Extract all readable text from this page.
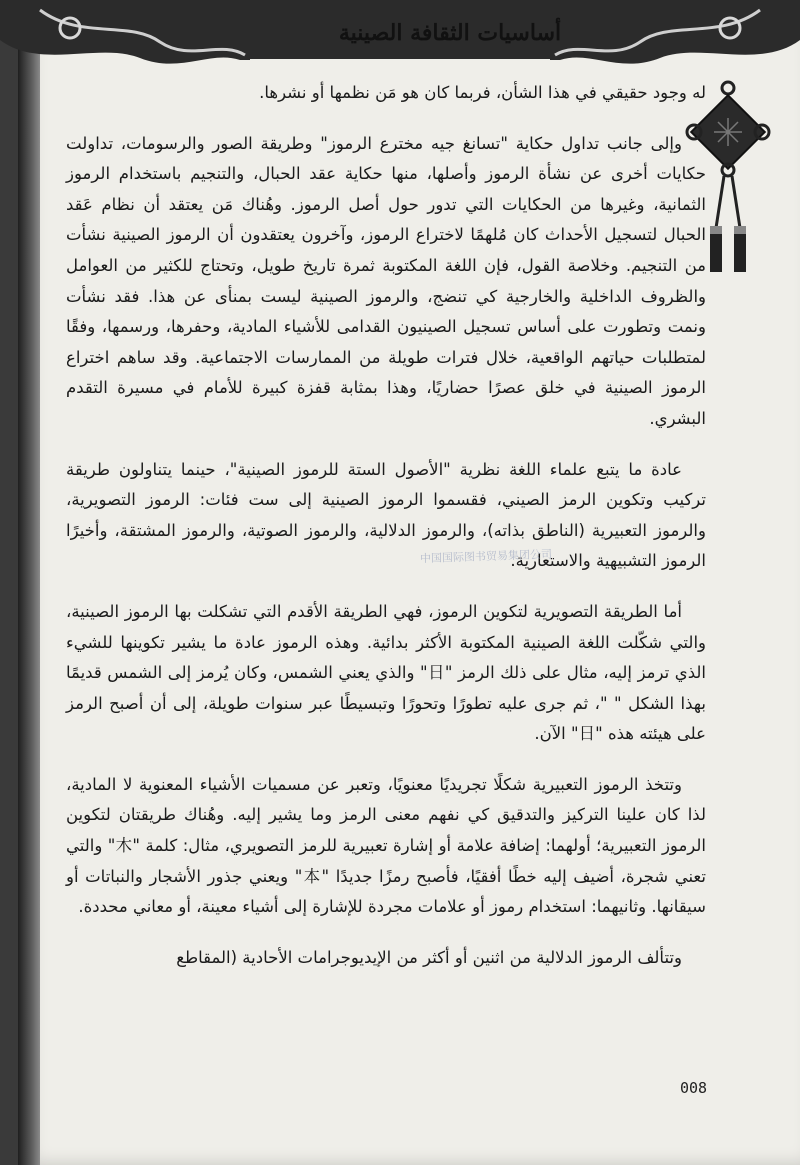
أساسيات الثقافة الصينية

له وجود حقيقي في هذا الشأن، فربما كان هو مَن نظمها أو نشرها.

وإلى جانب تداول حكاية "تسانغ جيه مخترع الرموز" وطريقة الصور والرسومات، تداولت حكايات أخرى عن نشأة الرموز وأصلها، منها حكاية عقد الحبال، والتنجيم باستخدام الرموز الثمانية، وغيرها من الحكايات التي تدور حول أصل الرموز. وهُناك مَن يعتقد أن نظام عَقد الحبال لتسجيل الأحداث كان مُلهمًا لاختراع الرموز، وآخرون يعتقدون أن الرموز الصينية نشأت من التنجيم. وخلاصة القول، فإن اللغة المكتوبة ثمرة تاريخ طويل، وتحتاج للكثير من العوامل والظروف الداخلية والخارجية كي تنضج، والرموز الصينية ليست بمنأى عن هذا. فقد نشأت ونمت وتطورت على أساس تسجيل الصينيون القدامى للأشياء المادية، وحفرها، ورسمها، وفقًا لمتطلبات حياتهم الواقعية، خلال فترات طويلة من الممارسات الاجتماعية. وقد ساهم اختراع الرموز الصينية في خلق عصرًا حضاريًا، وهذا بمثابة قفزة كبيرة للأمام في مسيرة التقدم البشري.

عادة ما يتبع علماء اللغة نظرية "الأصول الستة للرموز الصينية"، حينما يتناولون طريقة تركيب وتكوين الرمز الصيني، فقسموا الرموز الصينية إلى ست فئات: الرموز التصويرية، والرموز التعبيرية (الناطق بذاته)، والرموز الدلالية، والرموز الصوتية، والرموز المشتقة، وأخيرًا الرموز التشبيهية والاستعارية.

أما الطريقة التصويرية لتكوين الرموز، فهي الطريقة الأقدم التي تشكلت بها الرموز الصينية، والتي شكّلت اللغة الصينية المكتوبة الأكثر بدائية. وهذه الرموز عادة ما يشير تكوينها للشيء الذي ترمز إليه، مثال على ذلك الرمز "日" والذي يعني الشمس، وكان يُرمز إلى الشمس قديمًا بهذا الشكل " "، ثم جرى عليه تطورًا وتحورًا وتبسيطًا عبر سنوات طويلة، إلى أن أصبح الرمز على هيئته هذه "日" الآن.

وتتخذ الرموز التعبيرية شكلًا تجريديًا معنويًا، وتعبر عن مسميات الأشياء المعنوية لا المادية، لذا كان علينا التركيز والتدقيق كي نفهم معنى الرمز وما يشير إليه. وهُناك طريقتان لتكوين الرموز التعبيرية؛ أولهما: إضافة علامة أو إشارة تعبيرية للرمز التصويري، مثال: كلمة "木" والتي تعني شجرة، أضيف إليه خطًا أفقيًا، فأصبح رمزًا جديدًا "本" ويعني جذور الأشجار والنباتات أو سيقانها. وثانيهما: استخدام رموز أو علامات مجردة للإشارة إلى أشياء معينة، أو معاني محددة.

وتتألف الرموز الدلالية من اثنين أو أكثر من الإيديوجرامات الأحادية (المقاطع

中国国际图书贸易集团公司
008
